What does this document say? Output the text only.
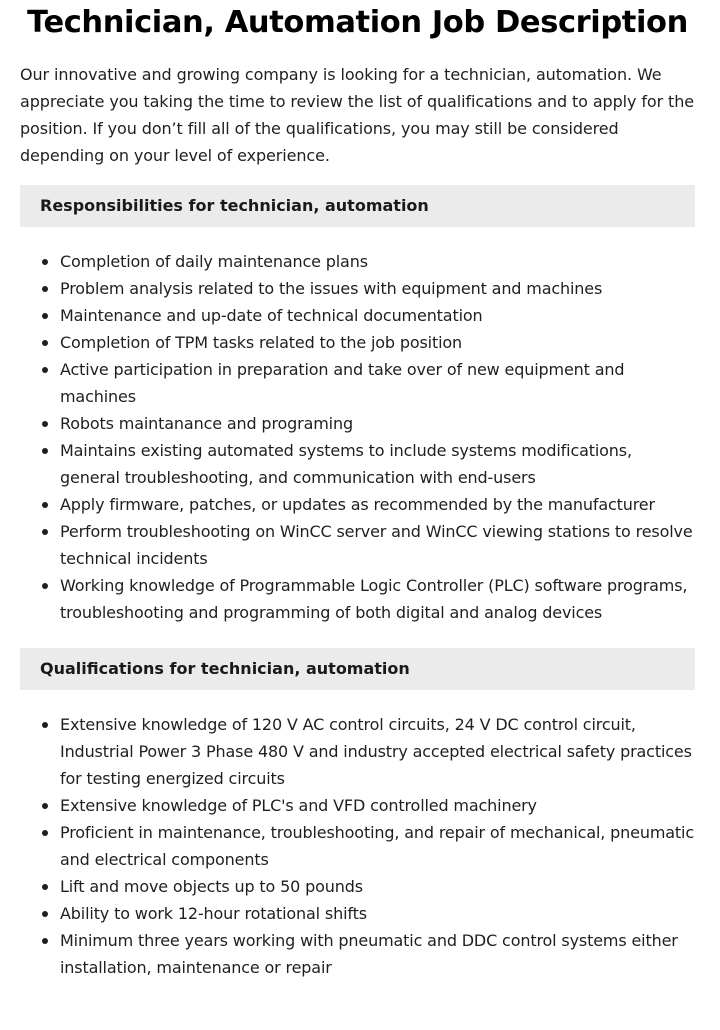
Technician, Automation Job Description

Our innovative and growing company is looking for a technician, automation. We appreciate you taking the time to review the list of qualifications and to apply for the position. If you don’t fill all of the qualifications, you may still be considered depending on your level of experience.

Responsibilities for technician, automation
Completion of daily maintenance plans
Problem analysis related to the issues with equipment and machines
Maintenance and up-date of technical documentation
Completion of TPM tasks related to the job position
Active participation in preparation and take over of new equipment and machines
Robots maintanance and programing
Maintains existing automated systems to include systems modifications, general troubleshooting, and communication with end-users
Apply firmware, patches, or updates as recommended by the manufacturer
Perform troubleshooting on WinCC server and WinCC viewing stations to resolve technical incidents
Working knowledge of Programmable Logic Controller (PLC) software programs, troubleshooting and programming of both digital and analog devices
Qualifications for technician, automation
Extensive knowledge of 120 V AC control circuits, 24 V DC control circuit, Industrial Power 3 Phase 480 V and industry accepted electrical safety practices for testing energized circuits
Extensive knowledge of PLC's and VFD controlled machinery
Proficient in maintenance, troubleshooting, and repair of mechanical, pneumatic and electrical components
Lift and move objects up to 50 pounds
Ability to work 12-hour rotational shifts
Minimum three years working with pneumatic and DDC control systems either installation, maintenance or repair
